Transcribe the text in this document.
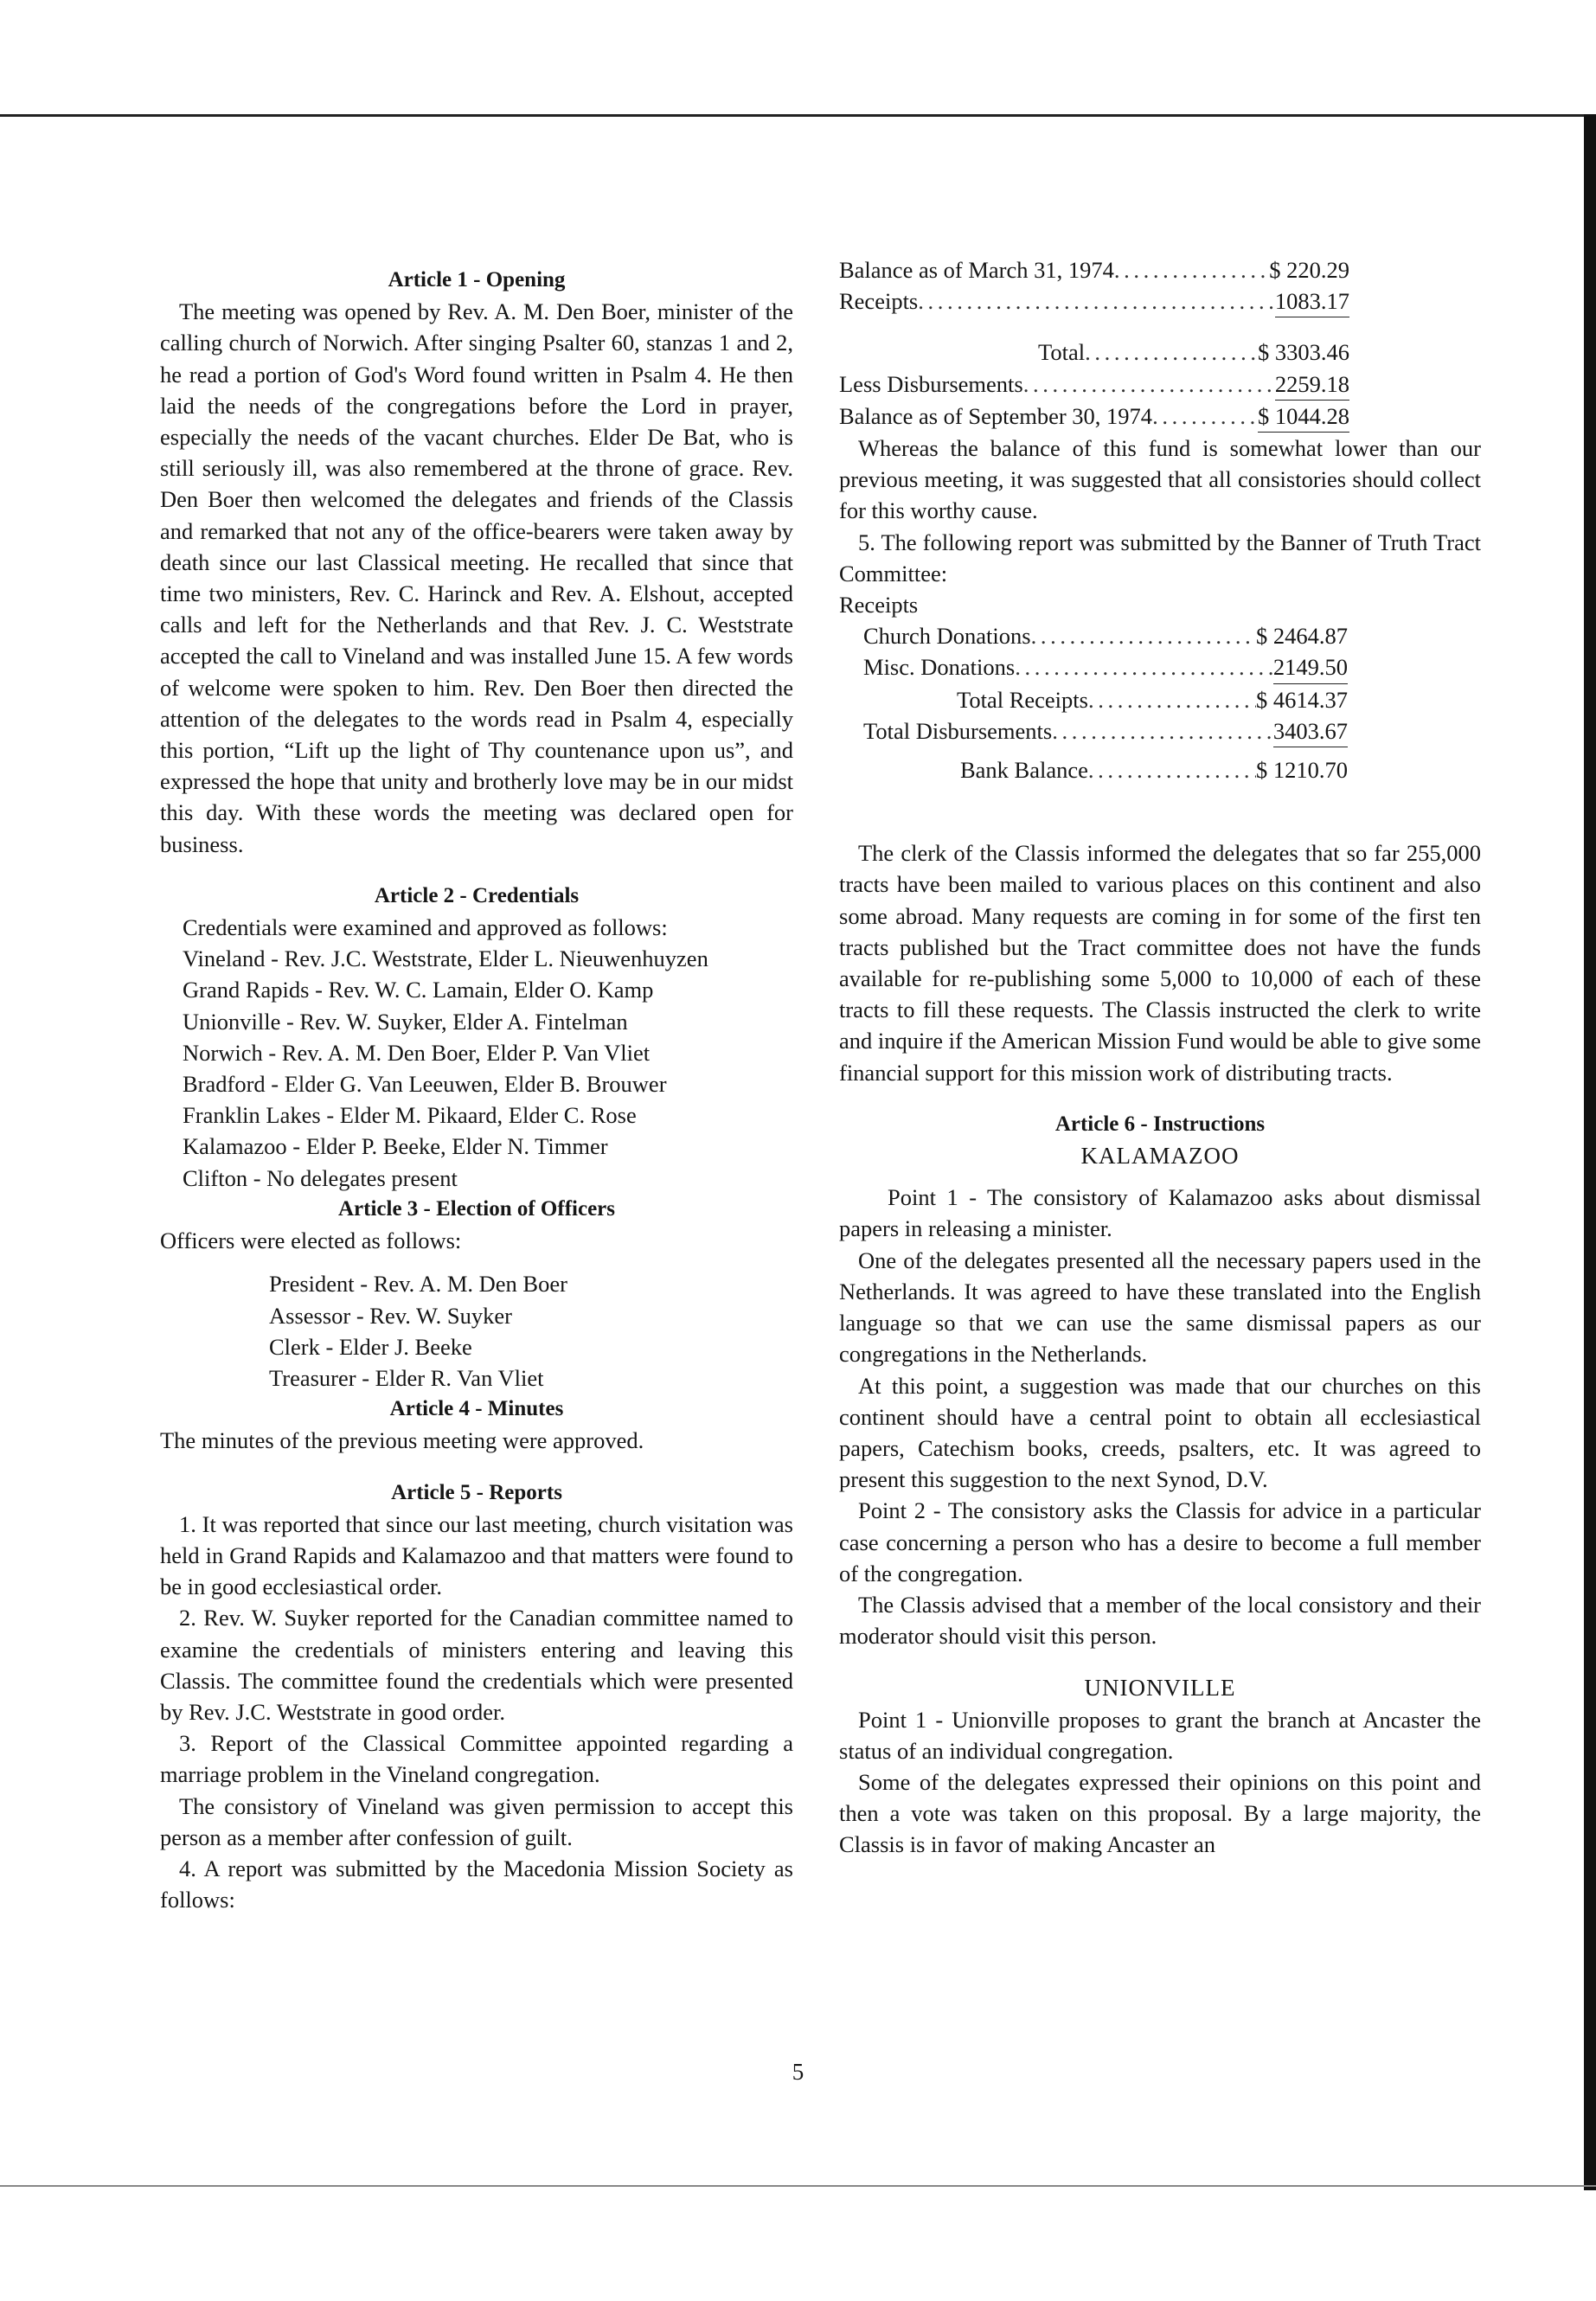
Article 1 - Opening

The meeting was opened by Rev. A. M. Den Boer, minister of the calling church of Norwich. After singing Psalter 60, stanzas 1 and 2, he read a portion of God's Word found written in Psalm 4. He then laid the needs of the congregations before the Lord in prayer, especially the needs of the vacant churches. Elder De Bat, who is still seriously ill, was also remembered at the throne of grace. Rev. Den Boer then welcomed the delegates and friends of the Classis and remarked that not any of the office-bearers were taken away by death since our last Classical meeting. He recalled that since that time two ministers, Rev. C. Harinck and Rev. A. Elshout, accepted calls and left for the Netherlands and that Rev. J. C. Weststrate accepted the call to Vineland and was installed June 15. A few words of welcome were spoken to him. Rev. Den Boer then directed the attention of the delegates to the words read in Psalm 4, especially this portion, “Lift up the light of Thy countenance upon us”, and expressed the hope that unity and brotherly love may be in our midst this day. With these words the meeting was declared open for business.

Article 2 - Credentials

Credentials were examined and approved as follows:

Vineland - Rev. J.C. Weststrate, Elder L. Nieuwenhuyzen

Grand Rapids - Rev. W. C. Lamain, Elder O. Kamp

Unionville - Rev. W. Suyker, Elder A. Fintelman

Norwich - Rev. A. M. Den Boer, Elder P. Van Vliet

Bradford - Elder G. Van Leeuwen, Elder B. Brouwer

Franklin Lakes - Elder M. Pikaard, Elder C. Rose

Kalamazoo - Elder P. Beeke, Elder N. Timmer

Clifton - No delegates present

Article 3 - Election of Officers

Officers were elected as follows:

President - Rev. A. M. Den Boer

Assessor - Rev. W. Suyker

Clerk - Elder J. Beeke

Treasurer - Elder R. Van Vliet

Article 4 - Minutes

The minutes of the previous meeting were approved.

Article 5 - Reports

1. It was reported that since our last meeting, church visitation was held in Grand Rapids and Kalamazoo and that matters were found to be in good ecclesiastical order.

2. Rev. W. Suyker reported for the Canadian committee named to examine the credentials of ministers entering and leaving this Classis. The committee found the credentials which were presented by Rev. J.C. Weststrate in good order.

3. Report of the Classical Committee appointed regarding a marriage problem in the Vineland congregation.

The consistory of Vineland was given permission to accept this person as a member after confession of guilt.

4. A report was submitted by the Macedonia Mission Society as follows:

Balance as of March 31, 1974 . . .	$ 220.29
Receipts . . .	1083.17
Total . . .	$ 3303.46
Less Disbursements . . .	2259.18
Balance as of September 30, 1974 . . .	$ 1044.28

Whereas the balance of this fund is somewhat lower than our previous meeting, it was suggested that all consistories should collect for this worthy cause.

5. The following report was submitted by the Banner of Truth Tract Committee:

Receipts

Church Donations . . .	$ 2464.87
Misc. Donations . . .	2149.50
Total Receipts . . .	$ 4614.37
Total Disbursements . . .	3403.67
Bank Balance . . .	$ 1210.70

The clerk of the Classis informed the delegates that so far 255,000 tracts have been mailed to various places on this continent and also some abroad. Many requests are coming in for some of the first ten tracts published but the Tract committee does not have the funds available for re-publishing some 5,000 to 10,000 of each of these tracts to fill these requests. The Classis instructed the clerk to write and inquire if the American Mission Fund would be able to give some financial support for this mission work of distributing tracts.

Article 6 - Instructions

KALAMAZOO

Point 1 - The consistory of Kalamazoo asks about dismissal papers in releasing a minister.

One of the delegates presented all the necessary papers used in the Netherlands. It was agreed to have these translated into the English language so that we can use the same dismissal papers as our congregations in the Netherlands.

At this point, a suggestion was made that our churches on this continent should have a central point to obtain all ecclesiastical papers, Catechism books, creeds, psalters, etc. It was agreed to present this suggestion to the next Synod, D.V.

Point 2 - The consistory asks the Classis for advice in a particular case concerning a person who has a desire to become a full member of the congregation.

The Classis advised that a member of the local consistory and their moderator should visit this person.

UNIONVILLE

Point 1 - Unionville proposes to grant the branch at Ancaster the status of an individual congregation.

Some of the delegates expressed their opinions on this point and then a vote was taken on this proposal. By a large majority, the Classis is in favor of making Ancaster an

5
